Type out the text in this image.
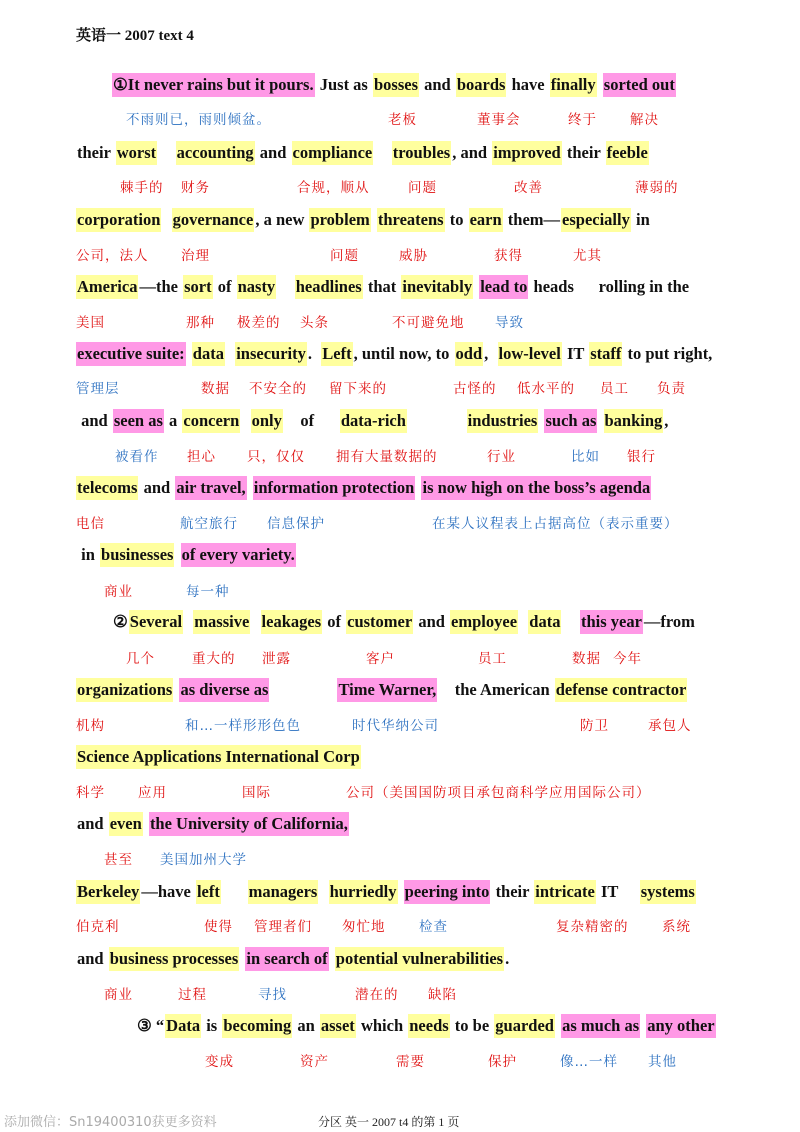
英语一 2007 text 4
①It never rains but it pours. Just as bosses and boards have finally
sorted out
their worst
accounting and compliance
troubles , and improved their feeble
corporation
governance , a new problem
threatens to earn them— especially in
America —the sort of nasty
headlines that inevitably
lead to heads      rolling in the
executive suite:
data
insecurity . Left , until now, to odd , low-level IT staff to put right,
and seen as a concern
only of data-rich
	industries
such as
banking ,
telecoms and air travel,
information protection
is now high on the boss’s agenda
in businesses
of every variety.
② Several
massive
leakages of customer and employee
data
this year —from
organizations
as diverse as
	Time Warner, the American defense contractor
Science Applications International Corp
and even
the University of California,
Berkeley —have left
managers
hurriedly
peering into their intricate IT systems
and business processes
in search of
potential vulnerabilities .
③ “ Data is becoming an asset which needs to be guarded
as much as
any other
不雨则已，雨则倾盆。	老板	董事会	终于 解决
棘手的 财务	合规，顺从	问题	改善	薄弱的
公司，法人 治理	问题	威胁	获得	尤其
美国	那种 极差的 头条	不可避免地 导致
管理层	数据 不安全的 留下来的	古怪的 低水平的 员工 负责
被看作 担心 只，仅仅 拥有大量数据的	行业	比如 银行
电信	航空旅行 信息保护	在某人议程表上占据高位（表示重要）
商业	每一种
几个	重大的 泄露	客户	员工	数据 今年
机构	和…一样形形色色	时代华纳公司	防卫	承包人
科学 应用	国际	公司（美国国防项目承包商科学应用国际公司）
甚至 美国加州大学
伯克利	使得 管理者们 匆忙地 检查	复杂精密的 系统
商业	过程	寻找	潜在的 缺陷
变成	资产	需要	保护	像…一样 其他
添加微信：Sn19400310获更多资料	分区 英一 2007 t4 的第 1 页
